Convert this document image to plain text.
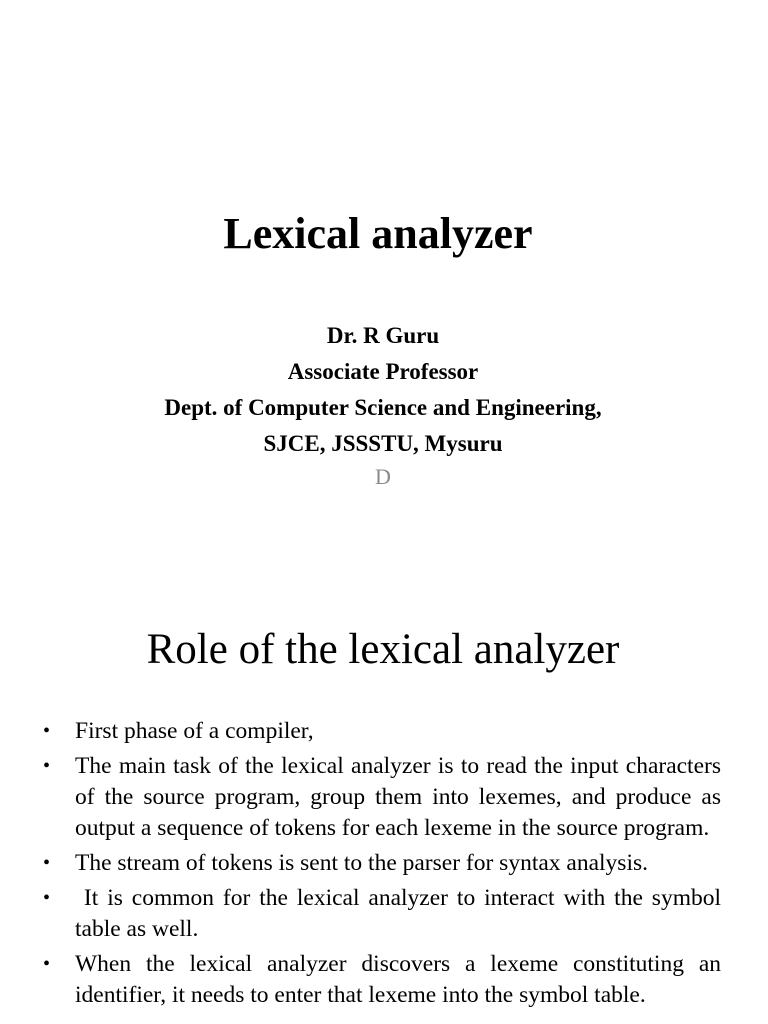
Lexical analyzer
Dr. R Guru
Associate Professor
Dept. of Computer Science and Engineering,
SJCE, JSSSTU, Mysuru
D
Role of the lexical analyzer
• First phase of a compiler,
• The main task of the lexical analyzer is to read the input characters of the source program, group them into lexemes, and produce as output a sequence of tokens for each lexeme in the source program.
• The stream of tokens is sent to the parser for syntax analysis.
• It is common for the lexical analyzer to interact with the symbol table as well.
• When the lexical analyzer discovers a lexeme constituting an identifier, it needs to enter that lexeme into the symbol table.
